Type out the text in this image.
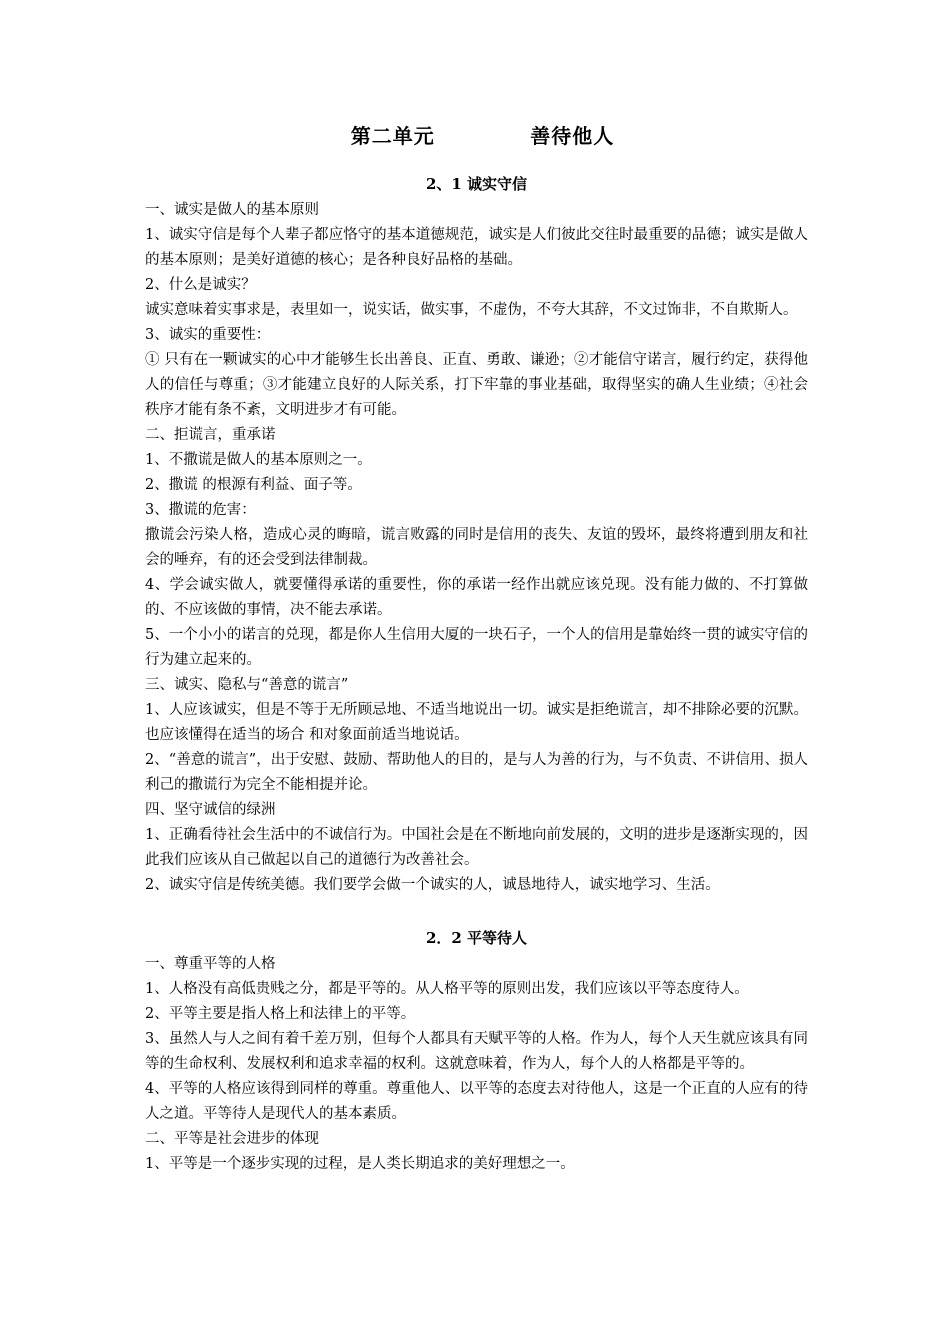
第二单元            善待他人
2、1 诚实守信

一、诚实是做人的基本原则

1、诚实守信是每个人辈子都应恪守的基本道德规范，诚实是人们彼此交往时最重要的品德；诚实是做人的基本原则；是美好道德的核心；是各种良好品格的基础。

2、什么是诚实？

诚实意味着实事求是，表里如一，说实话，做实事，不虚伪，不夸大其辞，不文过饰非，不自欺斯人。

3、诚实的重要性：

① 只有在一颗诚实的心中才能够生长出善良、正直、勇敢、谦逊；②才能信守诺言，履行约定，获得他人的信任与尊重；③才能建立良好的人际关系，打下牢靠的事业基础，取得坚实的确人生业绩；④社会秩序才能有条不紊，文明进步才有可能。

二、拒谎言，重承诺

1、不撒谎是做人的基本原则之一。

2、撒谎 的根源有利益、面子等。

3、撒谎的危害：

撒谎会污染人格，造成心灵的晦暗，谎言败露的同时是信用的丧失、友谊的毁坏，最终将遭到朋友和社会的唾弃，有的还会受到法律制裁。

4、学会诚实做人，就要懂得承诺的重要性，你的承诺一经作出就应该兑现。没有能力做的、不打算做的、不应该做的事情，决不能去承诺。

5、一个小小的诺言的兑现，都是你人生信用大厦的一块石子，一个人的信用是靠始终一贯的诚实守信的行为建立起来的。

三、诚实、隐私与“善意的谎言”

1、人应该诚实，但是不等于无所顾忌地、不适当地说出一切。诚实是拒绝谎言，却不排除必要的沉默。也应该懂得在适当的场合 和对象面前适当地说话。

2、“善意的谎言”，出于安慰、鼓励、帮助他人的目的，是与人为善的行为，与不负责、不讲信用、损人利己的撒谎行为完全不能相提并论。

四、坚守诚信的绿洲

1、正确看待社会生活中的不诚信行为。中国社会是在不断地向前发展的，文明的进步是逐渐实现的，因此我们应该从自己做起以自己的道德行为改善社会。

2、诚实守信是传统美德。我们要学会做一个诚实的人，诚恳地待人，诚实地学习、生活。

2．2 平等待人

一、尊重平等的人格

1、人格没有高低贵贱之分，都是平等的。从人格平等的原则出发，我们应该以平等态度待人。

2、平等主要是指人格上和法律上的平等。

3、虽然人与人之间有着千差万别，但每个人都具有天赋平等的人格。作为人，每个人天生就应该具有同等的生命权利、发展权利和追求幸福的权利。这就意味着，作为人，每个人的人格都是平等的。

4、平等的人格应该得到同样的尊重。尊重他人、以平等的态度去对待他人，这是一个正直的人应有的待人之道。平等待人是现代人的基本素质。

二、平等是社会进步的体现

1、平等是一个逐步实现的过程，是人类长期追求的美好理想之一。
